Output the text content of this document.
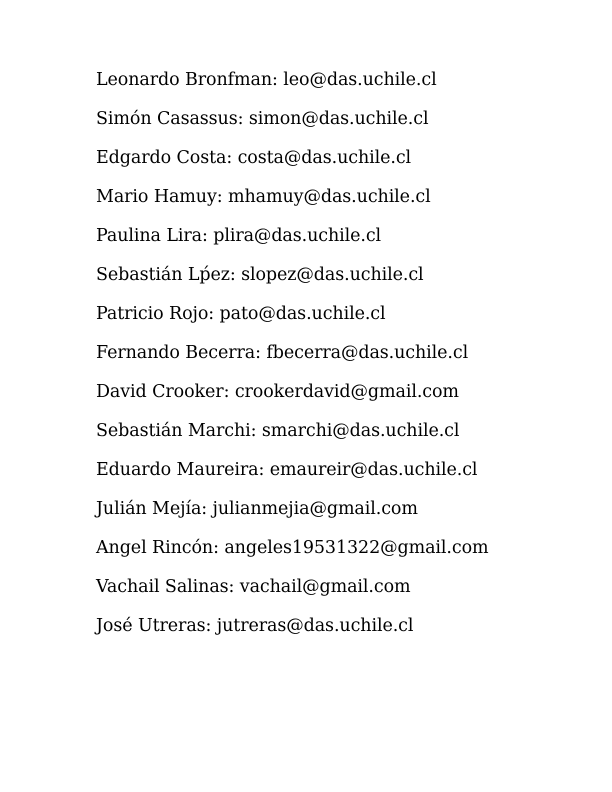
Leonardo Bronfman: leo@das.uchile.cl
Simón Casassus: simon@das.uchile.cl
Edgardo Costa: costa@das.uchile.cl
Mario Hamuy: mhamuy@das.uchile.cl
Paulina Lira: plira@das.uchile.cl
Sebastián Lṕez: slopez@das.uchile.cl
Patricio Rojo: pato@das.uchile.cl
Fernando Becerra: fbecerra@das.uchile.cl
David Crooker: crookerdavid@gmail.com
Sebastián Marchi: smarchi@das.uchile.cl
Eduardo Maureira: emaureir@das.uchile.cl
Julián Mejía: julianmejia@gmail.com
Angel Rincón: angeles19531322@gmail.com
Vachail Salinas: vachail@gmail.com
José Utreras: jutreras@das.uchile.cl
